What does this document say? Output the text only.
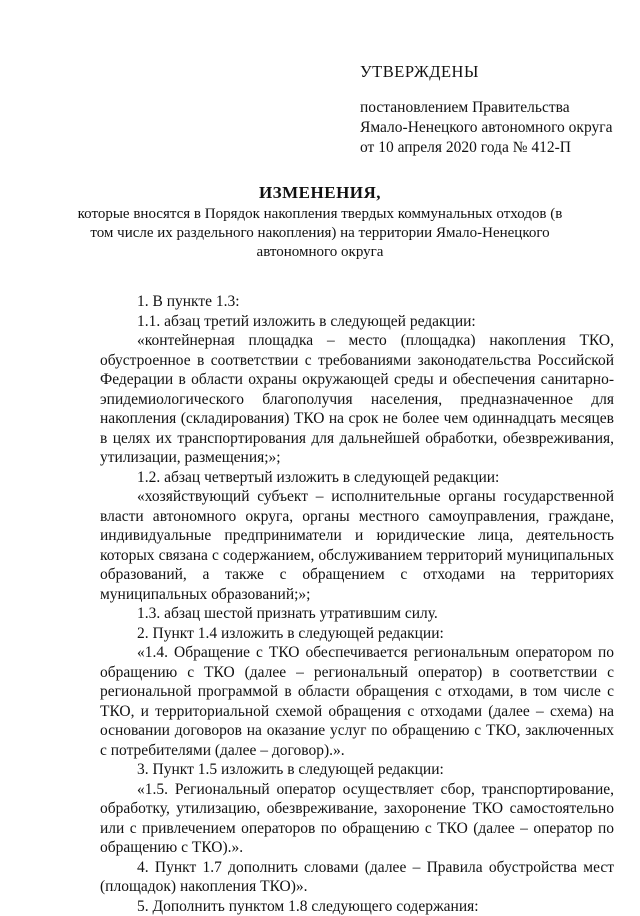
УТВЕРЖДЕНЫ
постановлением Правительства
Ямало-Ненецкого автономного округа
от 10 апреля 2020 года № 412-П
ИЗМЕНЕНИЯ,
которые вносятся в Порядок накопления твердых коммунальных отходов (в том числе их раздельного накопления) на территории Ямало-Ненецкого автономного округа
1. В пункте 1.3:
1.1. абзац третий изложить в следующей редакции:
«контейнерная площадка – место (площадка) накопления ТКО, обустроенное в соответствии с требованиями законодательства Российской Федерации в области охраны окружающей среды и обеспечения санитарно-эпидемиологического благополучия населения, предназначенное для накопления (складирования) ТКО на срок не более чем одиннадцать месяцев в целях их транспортирования для дальнейшей обработки, обезвреживания, утилизации, размещения;»;
1.2. абзац четвертый изложить в следующей редакции:
«хозяйствующий субъект – исполнительные органы государственной власти автономного округа, органы местного самоуправления, граждане, индивидуальные предприниматели и юридические лица, деятельность которых связана с содержанием, обслуживанием территорий муниципальных образований, а также с обращением с отходами на территориях муниципальных образований;»;
1.3. абзац шестой признать утратившим силу.
2. Пункт 1.4 изложить в следующей редакции:
«1.4. Обращение с ТКО обеспечивается региональным оператором по обращению с ТКО (далее – региональный оператор) в соответствии с региональной программой в области обращения с отходами, в том числе с ТКО, и территориальной схемой обращения с отходами (далее – схема) на основании договоров на оказание услуг по обращению с ТКО, заключенных с потребителями (далее – договор).».
3. Пункт 1.5 изложить в следующей редакции:
«1.5. Региональный оператор осуществляет сбор, транспортирование, обработку, утилизацию, обезвреживание, захоронение ТКО самостоятельно или с привлечением операторов по обращению с ТКО (далее – оператор по обращению с ТКО).».
4. Пункт 1.7 дополнить словами (далее – Правила обустройства мест (площадок) накопления ТКО)».
5. Дополнить пунктом 1.8 следующего содержания:
